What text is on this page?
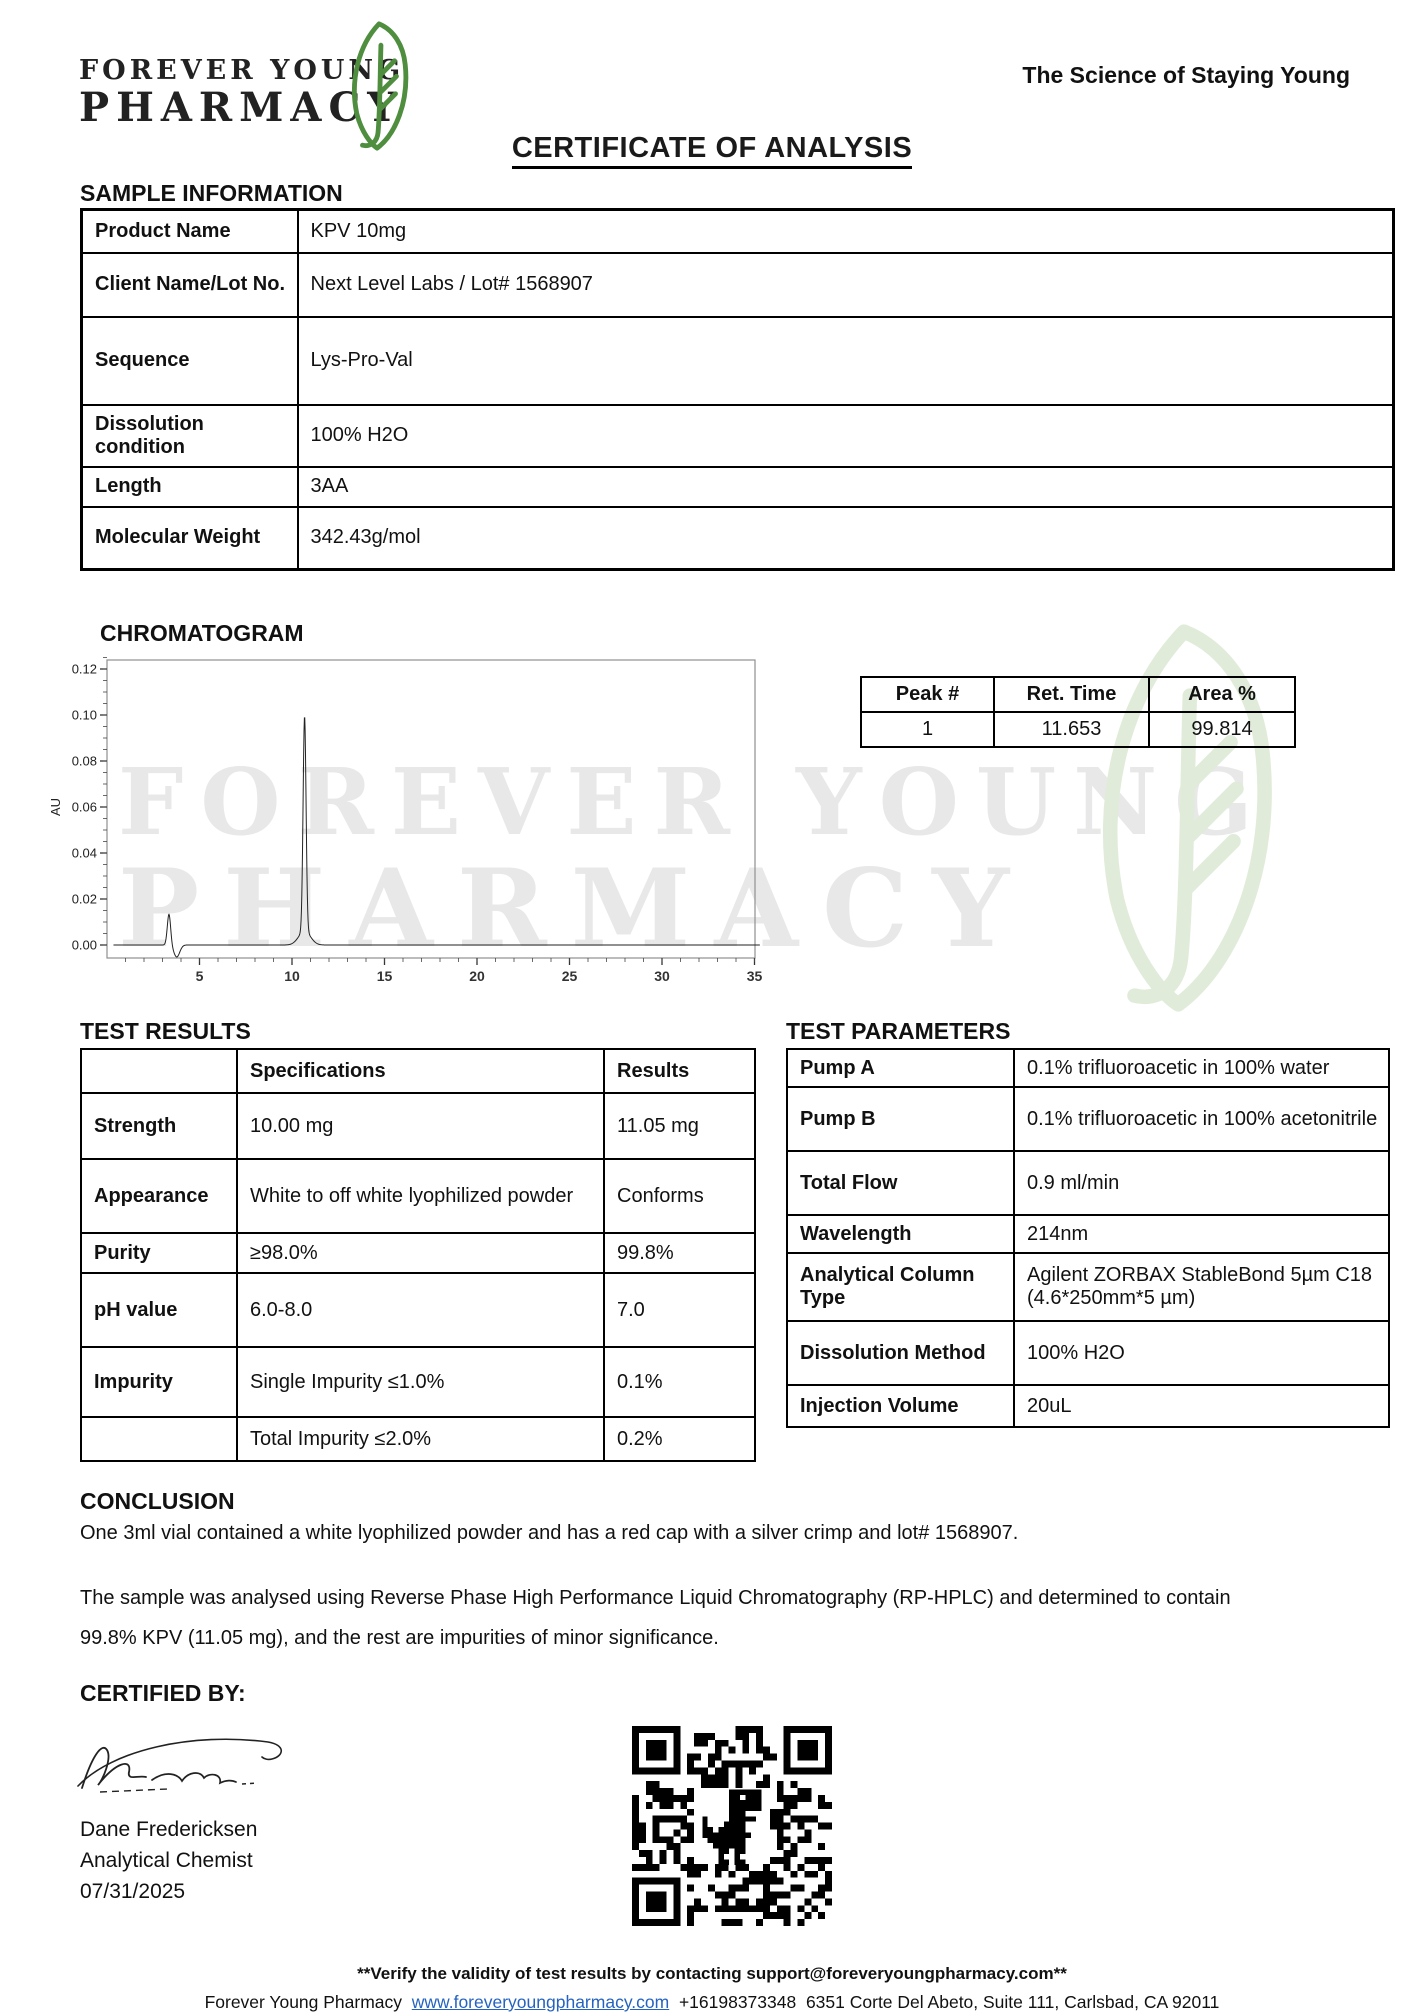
FOREVER YOUNG
PHARMACY
FOREVER YOUNG
PHARMACY
The Science of Staying Young
CERTIFICATE OF ANALYSIS
SAMPLE INFORMATION
Product Name	KPV 10mg
Client Name/Lot No.	Next Level Labs / Lot# 1568907
Sequence	Lys-Pro-Val
Dissolution condition	100% H2O
Length	3AA
Molecular Weight	342.43g/mol
CHROMATOGRAM
0.00
0.02
0.04
0.06
0.08
0.10
0.12
5	10	15	20	25	30	35
AU
Peak #	Ret. Time	Area %
1	11.653	99.814
TEST RESULTS
	Specifications	Results
Strength	10.00 mg	11.05 mg
Appearance	White to off white lyophilized powder	Conforms
Purity	≥98.0%	99.8%
pH value	6.0-8.0	7.0
Impurity	Single Impurity ≤1.0%	0.1%
	Total Impurity ≤2.0%	0.2%
TEST PARAMETERS
Pump A	0.1% trifluoroacetic in 100% water
Pump B	0.1% trifluoroacetic in 100% acetonitrile
Total Flow	0.9 ml/min
Wavelength	214nm
Analytical Column Type	Agilent ZORBAX StableBond 5µm C18 (4.6*250mm*5 µm)
Dissolution Method	100% H2O
Injection Volume	20uL
CONCLUSION
One 3ml vial contained a white lyophilized powder and has a red cap with a silver crimp and lot# 1568907.
The sample was analysed using Reverse Phase High Performance Liquid Chromatography (RP-HPLC) and determined to contain
99.8% KPV (11.05 mg), and the rest are impurities of minor significance.
CERTIFIED BY:
Dane Fredericksen
Analytical Chemist
07/31/2025
**Verify the validity of test results by contacting support@foreveryoungpharmacy.com**
Forever Young Pharmacy www.foreveryoungpharmacy.com +16198373348 6351 Corte Del Abeto, Suite 111, Carlsbad, CA 92011
